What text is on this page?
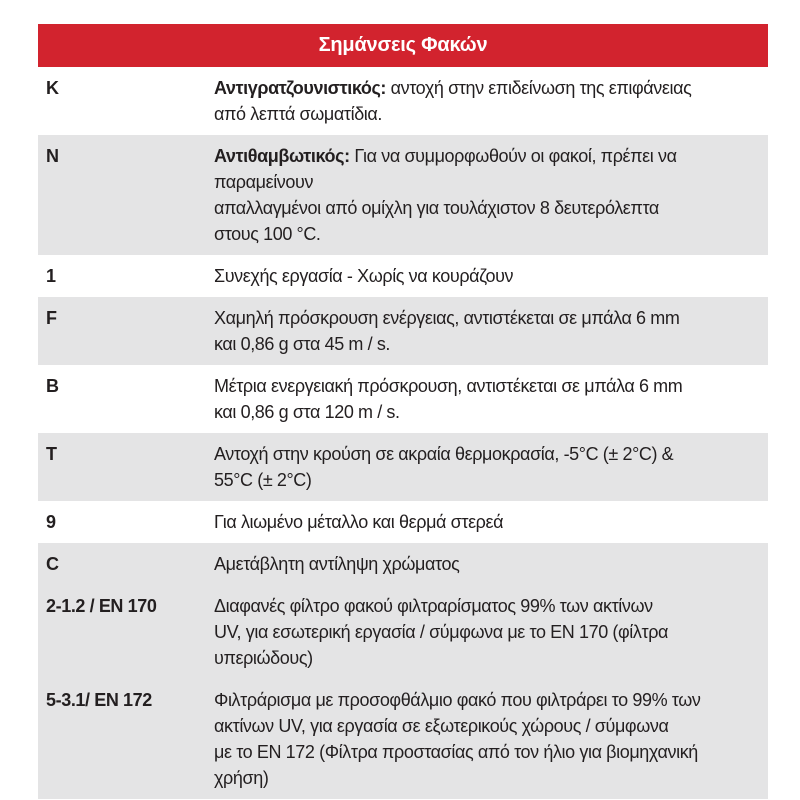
Σημάνσεις Φακών
K	Αντιγρατζουνιστικός: αντοχή στην επιδείνωση της επιφάνειας
από λεπτά σωματίδια.
N	Αντιθαμβωτικός: Για να συμμορφωθούν οι φακοί, πρέπει να
παραμείνουν
απαλλαγμένοι από ομίχλη για τουλάχιστον 8 δευτερόλεπτα
στους 100 °C.
1	Συνεχής εργασία - Χωρίς να κουράζουν
F	Χαμηλή πρόσκρουση ενέργειας, αντιστέκεται σε μπάλα 6 mm
και 0,86 g στα 45 m / s.
B	Μέτρια ενεργειακή πρόσκρουση, αντιστέκεται σε μπάλα 6 mm
και 0,86 g στα 120 m / s.
T	Αντοχή στην κρούση σε ακραία θερμοκρασία, -5°C (± 2°C) &
55°C (± 2°C)
9	Για λιωμένο μέταλλο και θερμά στερεά
C	Αμετάβλητη αντίληψη χρώματος
2-1.2 / EN 170	Διαφανές φίλτρο φακού φιλτραρίσματος 99% των ακτίνων
UV, για εσωτερική εργασία / σύμφωνα με το EN 170 (φίλτρα
υπεριώδους)
5-3.1/ EN 172	Φιλτράρισμα με προσοφθάλμιο φακό που φιλτράρει το 99% των
ακτίνων UV, για εργασία σε εξωτερικούς χώρους / σύμφωνα
με το EN 172 (Φίλτρα προστασίας από τον ήλιο για βιομηχανική
χρήση)
